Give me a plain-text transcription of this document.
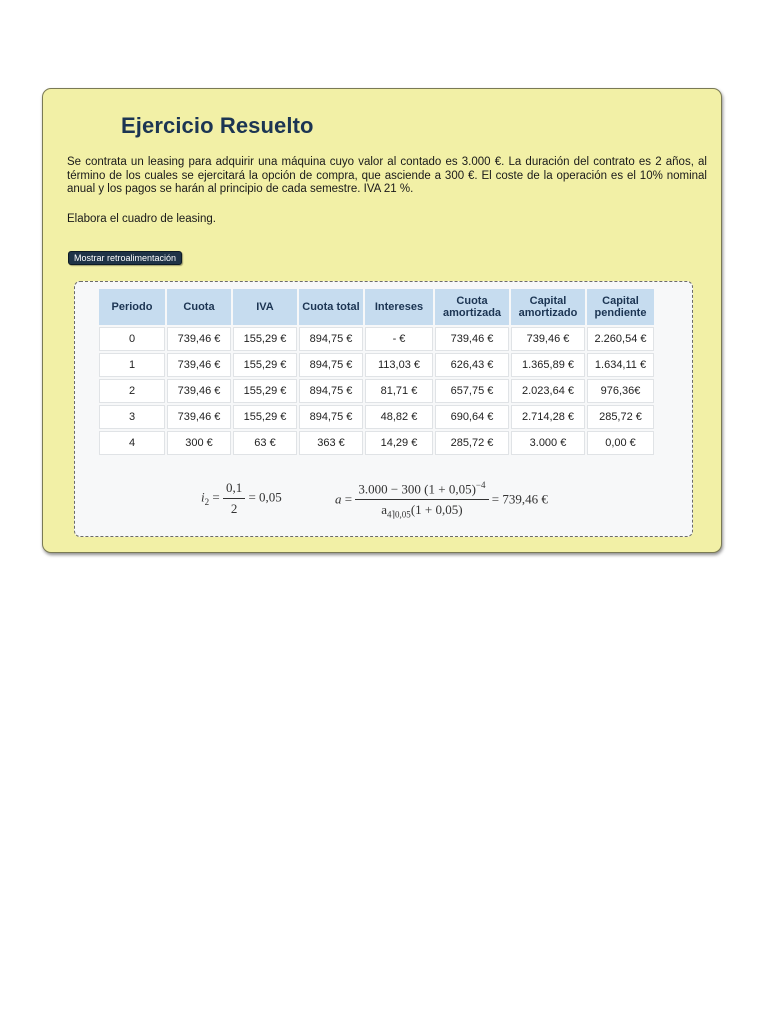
Ejercicio Resuelto

Se contrata un leasing para adquirir una máquina cuyo valor al contado es 3.000 €. La duración del contrato es 2 años, al término de los cuales se ejercitará la opción de compra, que asciende a 300 €. El coste de la operación es el 10% nominal anual y los pagos se harán al principio de cada semestre. IVA 21 %.

Elabora el cuadro de leasing.

Mostrar retroalimentación
Periodo	Cuota	IVA	Cuota total	Intereses	Cuota amortizada	Capital amortizado	Capital pendiente
0	739,46 €	155,29 €	894,75 €	- €	739,46 €	739,46 €	2.260,54 €
1	739,46 €	155,29 €	894,75 €	113,03 €	626,43 €	1.365,89 €	1.634,11 €
2	739,46 €	155,29 €	894,75 €	81,71 €	657,75 €	2.023,64 €	976,36€
3	739,46 €	155,29 €	894,75 €	48,82 €	690,64 €	2.714,28 €	285,72 €
4	300 €	63 €	363 €	14,29 €	285,72 €	3.000 €	0,00 €
$i_2 = \frac{0,1}{2} = 0,05$	$a = \frac{3.000 - 300 (1 + 0,05)^{-4}}{a_{4⌉0,05}(1 + 0,05)} = 739,46$ €
